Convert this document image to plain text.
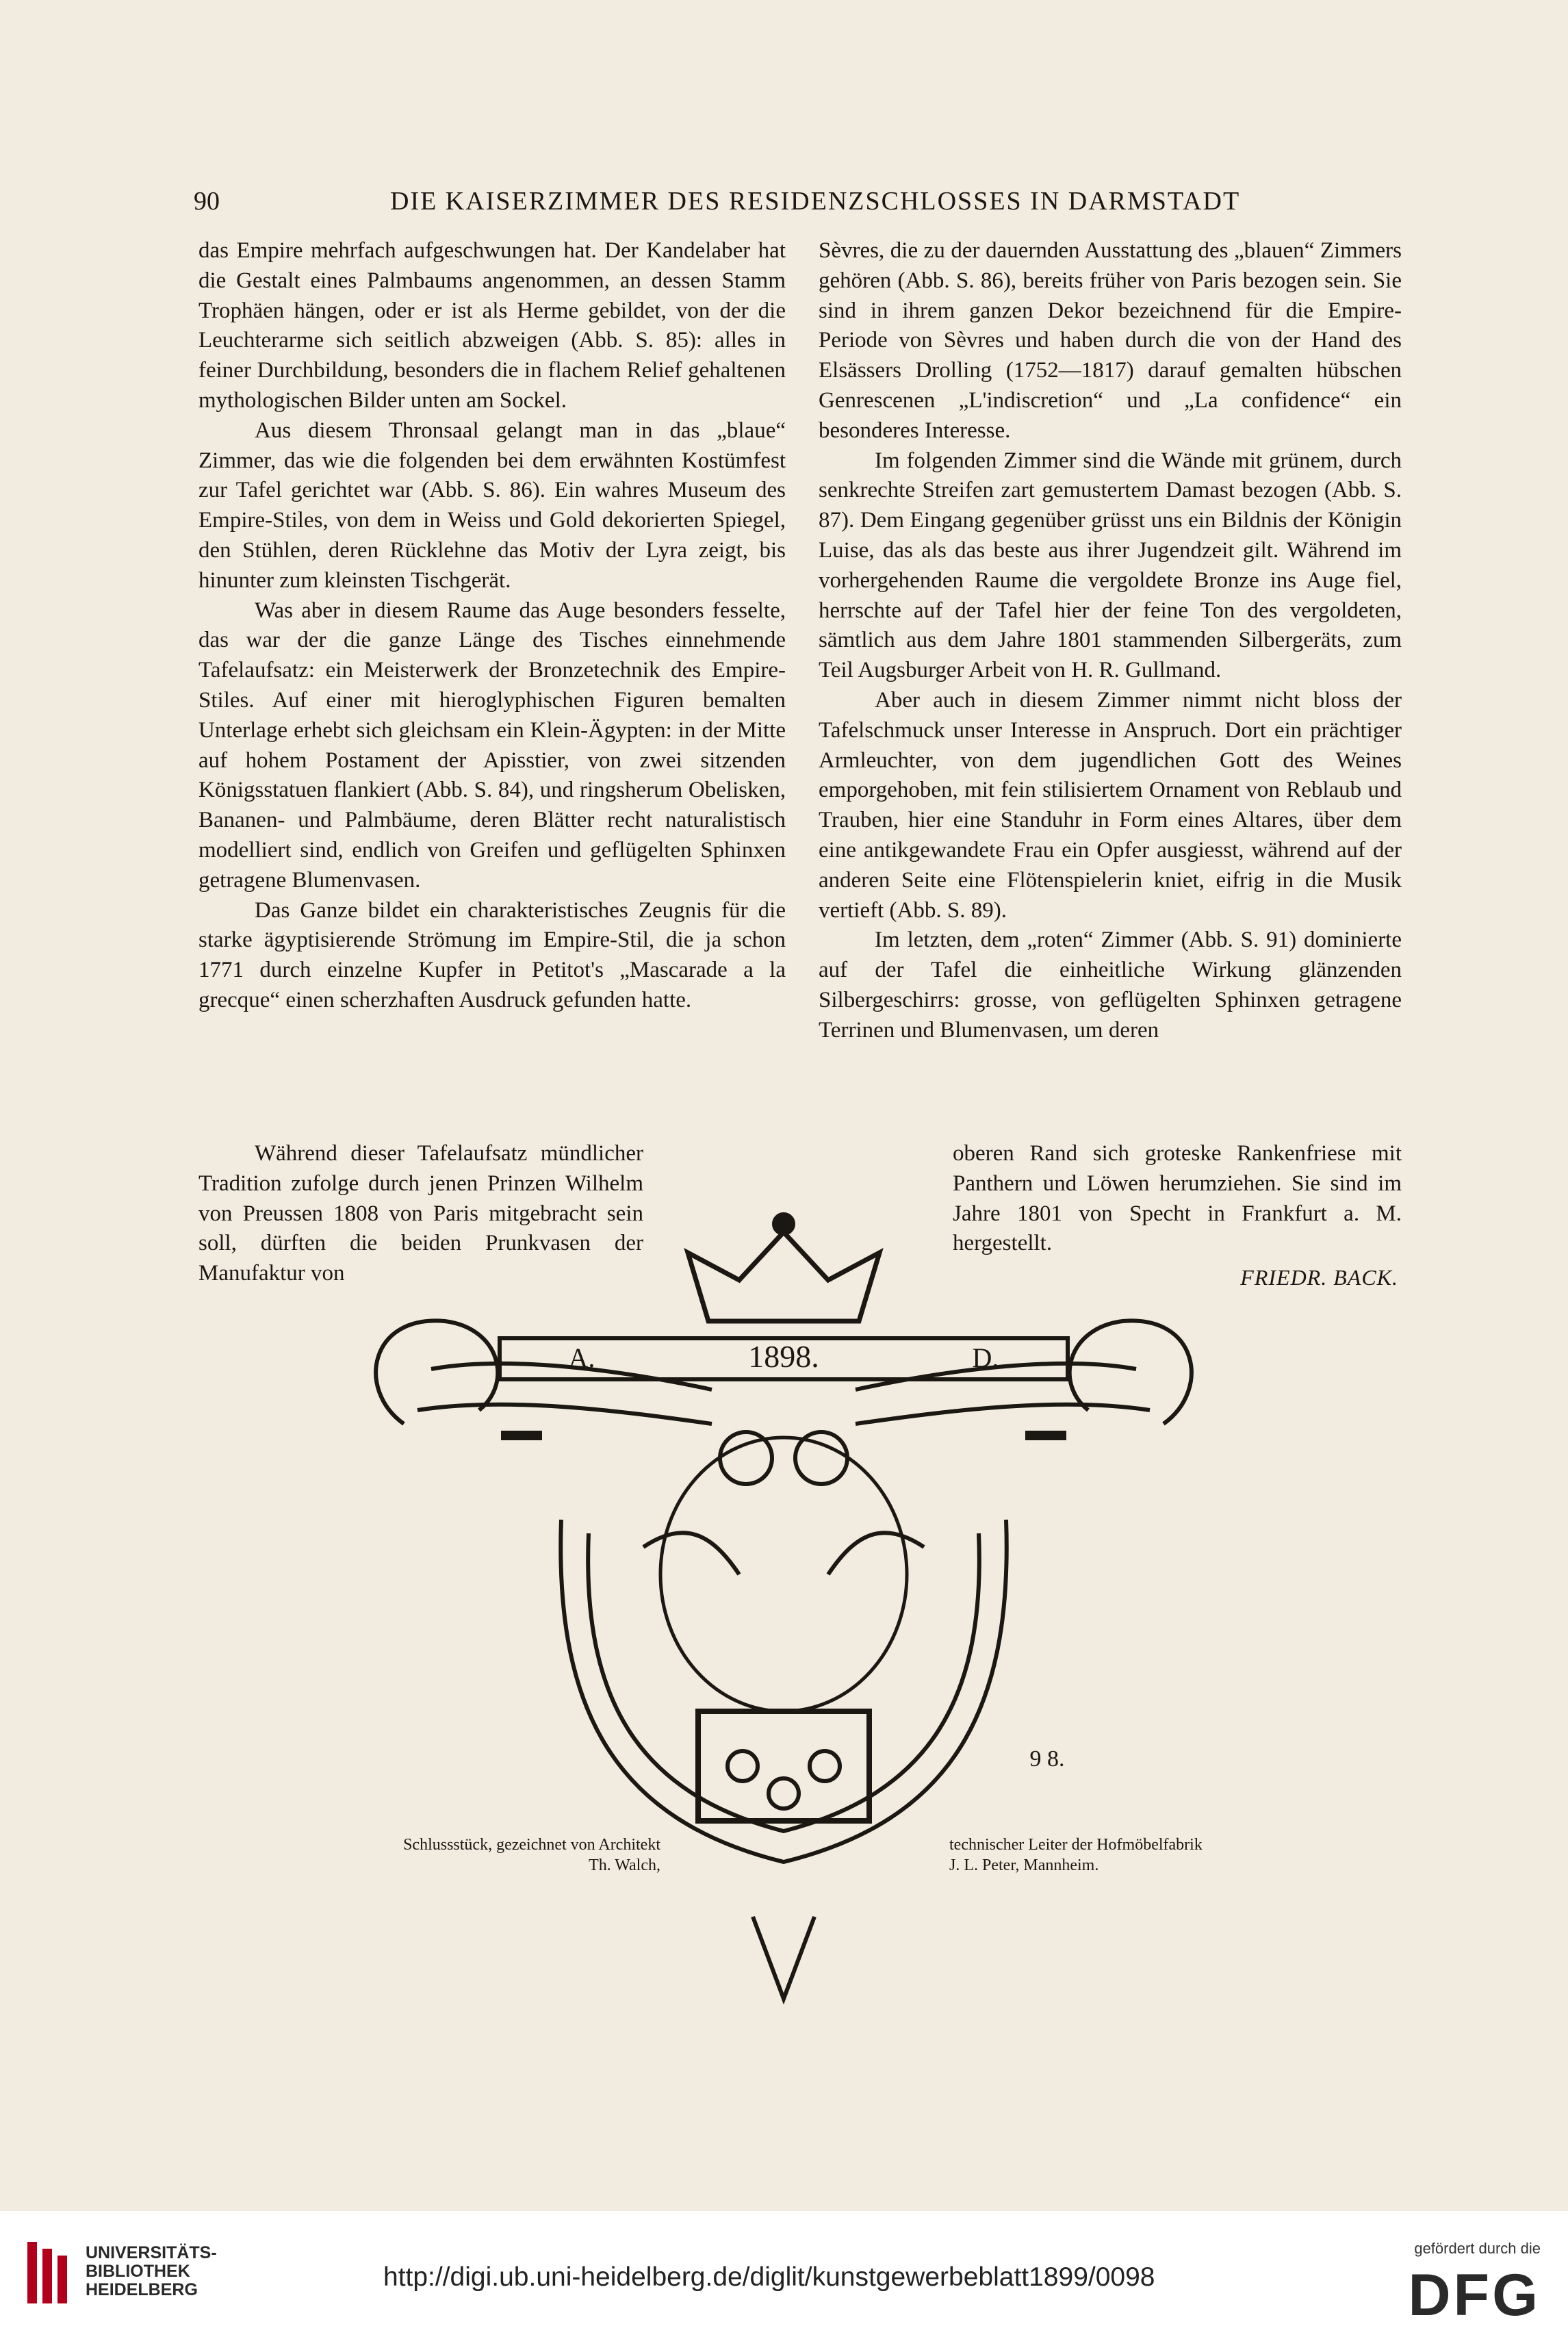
90	DIE KAISERZIMMER DES RESIDENZSCHLOSSES IN DARMSTADT

das Empire mehrfach aufgeschwungen hat. Der Kandelaber hat die Gestalt eines Palmbaums angenommen, an dessen Stamm Trophäen hängen, oder er ist als Herme gebildet, von der die Leuchterarme sich seitlich abzweigen (Abb. S. 85): alles in feiner Durchbildung, besonders die in flachem Relief gehaltenen mythologischen Bilder unten am Sockel.

Aus diesem Thronsaal gelangt man in das „blaue“ Zimmer, das wie die folgenden bei dem erwähnten Kostümfest zur Tafel gerichtet war (Abb. S. 86). Ein wahres Museum des Empire-Stiles, von dem in Weiss und Gold dekorierten Spiegel, den Stühlen, deren Rücklehne das Motiv der Lyra zeigt, bis hinunter zum kleinsten Tischgerät.

Was aber in diesem Raume das Auge besonders fesselte, das war der die ganze Länge des Tisches einnehmende Tafelaufsatz: ein Meisterwerk der Bronzetechnik des Empire-Stiles. Auf einer mit hieroglyphischen Figuren bemalten Unterlage erhebt sich gleichsam ein Klein-Ägypten: in der Mitte auf hohem Postament der Apisstier, von zwei sitzenden Königsstatuen flankiert (Abb. S. 84), und ringsherum Obelisken, Bananen- und Palmbäume, deren Blätter recht naturalistisch modelliert sind, endlich von Greifen und geflügelten Sphinxen getragene Blumenvasen.

Das Ganze bildet ein charakteristisches Zeugnis für die starke ägyptisierende Strömung im Empire-Stil, die ja schon 1771 durch einzelne Kupfer in Petitot's „Mascarade a la grecque“ einen scherzhaften Ausdruck gefunden hatte.

Sèvres, die zu der dauernden Ausstattung des „blauen“ Zimmers gehören (Abb. S. 86), bereits früher von Paris bezogen sein. Sie sind in ihrem ganzen Dekor bezeichnend für die Empire-Periode von Sèvres und haben durch die von der Hand des Elsässers Drolling (1752—1817) darauf gemalten hübschen Genrescenen „L'indiscretion“ und „La confidence“ ein besonderes Interesse.

Im folgenden Zimmer sind die Wände mit grünem, durch senkrechte Streifen zart gemustertem Damast bezogen (Abb. S. 87). Dem Eingang gegenüber grüsst uns ein Bildnis der Königin Luise, das als das beste aus ihrer Jugendzeit gilt. Während im vorhergehenden Raume die vergoldete Bronze ins Auge fiel, herrschte auf der Tafel hier der feine Ton des vergoldeten, sämtlich aus dem Jahre 1801 stammenden Silbergeräts, zum Teil Augsburger Arbeit von H. R. Gullmand.

Aber auch in diesem Zimmer nimmt nicht bloss der Tafelschmuck unser Interesse in Anspruch. Dort ein prächtiger Armleuchter, von dem jugendlichen Gott des Weines emporgehoben, mit fein stilisiertem Ornament von Reblaub und Trauben, hier eine Standuhr in Form eines Altares, über dem eine antikgewandete Frau ein Opfer ausgiesst, während auf der anderen Seite eine Flötenspielerin kniet, eifrig in die Musik vertieft (Abb. S. 89).

Im letzten, dem „roten“ Zimmer (Abb. S. 91) dominierte auf der Tafel die einheitliche Wirkung glänzenden Silbergeschirrs: grosse, von geflügelten Sphinxen getragene Terrinen und Blumenvasen, um deren

Während dieser Tafelaufsatz mündlicher Tradition zufolge durch jenen Prinzen Wilhelm von Preussen 1808 von Paris mitgebracht sein soll, dürften die beiden Prunkvasen der Manufaktur von

oberen Rand sich groteske Rankenfriese mit Panthern und Löwen herumziehen. Sie sind im Jahre 1801 von Specht in Frankfurt a. M. hergestellt.

FRIEDR. BACK.
1898.
A.	D.
9 8.
Schlussstück, gezeichnet von Architekt
Th. Walch,
technischer Leiter der Hofmöbelfabrik
J. L. Peter, Mannheim.
UNIVERSITÄTS-
BIBLIOTHEK
HEIDELBERG	http://digi.ub.uni-heidelberg.de/diglit/kunstgewerbeblatt1899/0098
gefördert durch die
DFG
